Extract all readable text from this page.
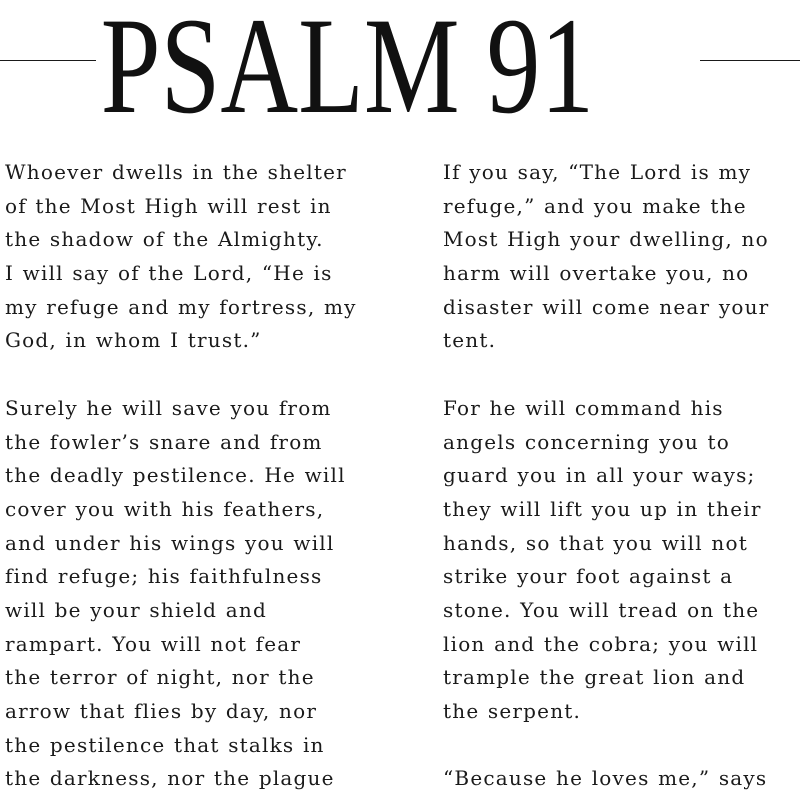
PSALM 91
Whoever dwells in the shelter
of the Most High will rest in
the shadow of the Almighty.
I will say of the Lord, “He is
my refuge and my fortress, my
God, in whom I trust.”
Surely he will save you from
the fowler’s snare and from
the deadly pestilence. He will
cover you with his feathers,
and under his wings you will
find refuge; his faithfulness
will be your shield and
rampart. You will not fear
the terror of night, nor the
arrow that flies by day, nor
the pestilence that stalks in
the darkness, nor the plague
If you say, “The Lord is my
refuge,” and you make the
Most High your dwelling, no
harm will overtake you, no
disaster will come near your
tent.
For he will command his
angels concerning you to
guard you in all your ways;
they will lift you up in their
hands, so that you will not
strike your foot against a
stone. You will tread on the
lion and the cobra; you will
trample the great lion and
the serpent.
“Because he loves me,” says
